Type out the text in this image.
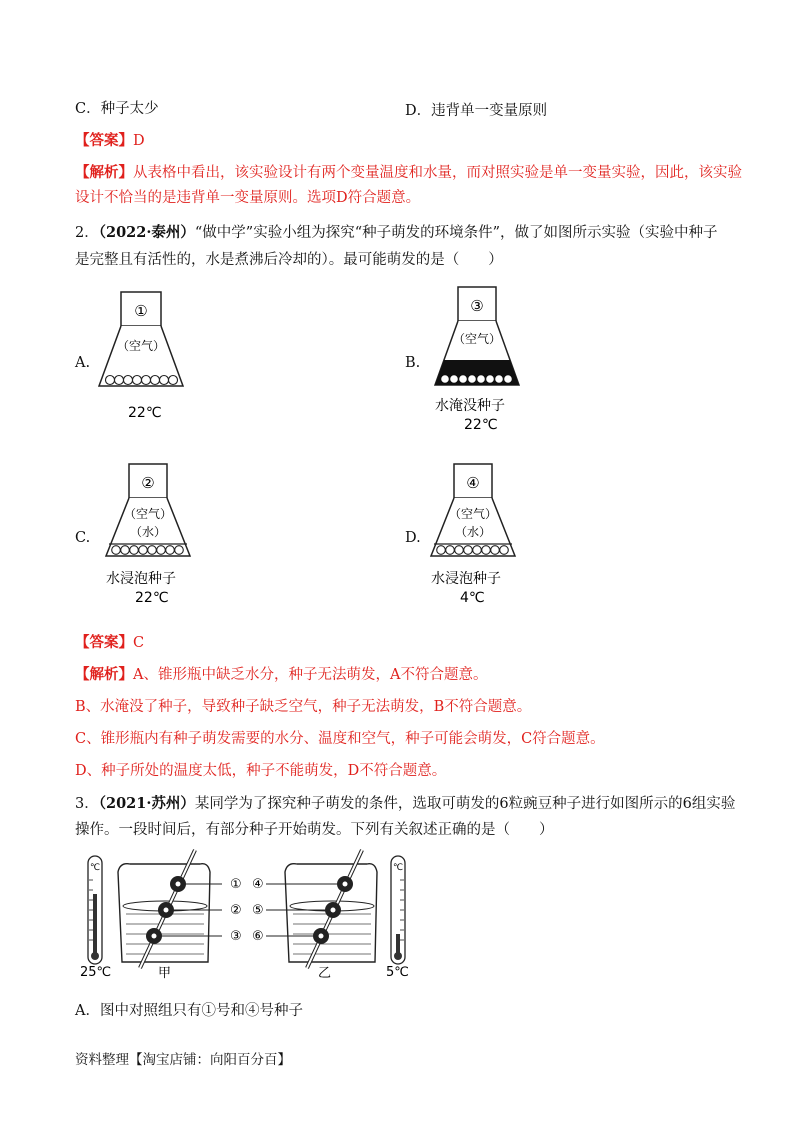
C．种子太少	D．违背单一变量原则
【答案】D
【解析】从表格中看出，该实验设计有两个变量温度和水量，而对照实验是单一变量实验，因此，该实验
设计不恰当的是违背单一变量原则。选项D符合题意。
2．（2022·泰州）“做中学”实验小组为探究“种子萌发的环境条件”，做了如图所示实验（实验中种子
是完整且有活性的，水是煮沸后冷却的）。最可能萌发的是（　　）
A.
①
（空气）
22℃
B.
③
（空气）
水淹没种子
22℃
C.
②
（空气）
（水）
水浸泡种子
22℃
D.
④
（空气）
（水）
水浸泡种子
4℃
【答案】C
【解析】A、锥形瓶中缺乏水分，种子无法萌发，A不符合题意。
B、水淹没了种子，导致种子缺乏空气，种子无法萌发，B不符合题意。
C、锥形瓶内有种子萌发需要的水分、温度和空气，种子可能会萌发，C符合题意。
D、种子所处的温度太低，种子不能萌发，D不符合题意。
3．（2021·苏州）某同学为了探究种子萌发的条件，选取可萌发的6粒豌豆种子进行如图所示的6组实验
操作。一段时间后，有部分种子开始萌发。下列有关叙述正确的是（　　）
℃
25℃
①
②
③
甲
④
⑤
⑥
乙
℃
5℃
A．图中对照组只有①号和④号种子
资料整理【淘宝店铺：向阳百分百】
